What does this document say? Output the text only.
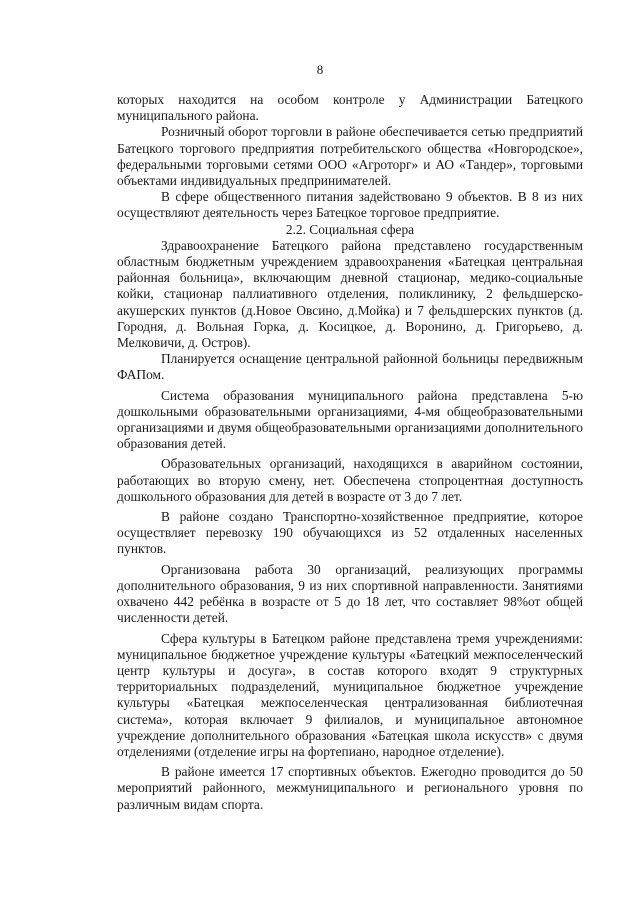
8

которых находится на особом контроле у Администрации Батецкого муниципального района.

Розничный оборот торговли в районе обеспечивается сетью предприятий Батецкого торгового предприятия потребительского общества «Новгородское», федеральными торговыми сетями ООО «Агроторг» и АО «Тандер», торговыми объектами индивидуальных предпринимателей.

В сфере общественного питания задействовано 9 объектов. В 8 из них осуществляют деятельность через Батецкое торговое предприятие.

2.2. Социальная сфера

Здравоохранение Батецкого района представлено государственным областным бюджетным учреждением здравоохранения «Батецкая центральная районная больница», включающим дневной стационар, медико-социальные койки, стационар паллиативного отделения, поликлинику, 2 фельдшерско-акушерских пунктов (д.Новое Овсино, д.Мойка) и 7 фельдшерских пунктов (д. Городня, д. Вольная Горка, д. Косицкое, д. Воронино, д. Григорьево, д. Мелковичи, д. Остров).

Планируется оснащение центральной районной больницы передвижным ФАПом.

Система образования муниципального района представлена 5-ю дошкольными образовательными организациями, 4-мя общеобразовательными организациями и двумя общеобразовательными организациями дополнительного образования детей.

Образовательных организаций, находящихся в аварийном состоянии, работающих во вторую смену, нет. Обеспечена стопроцентная доступность дошкольного образования для детей в возрасте от 3 до 7 лет.

В районе создано Транспортно-хозяйственное предприятие, которое осуществляет перевозку 190 обучающихся из 52 отдаленных населенных пунктов.

Организована работа 30 организаций, реализующих программы дополнительного образования, 9 из них спортивной направленности. Занятиями охвачено 442 ребёнка в возрасте от 5 до 18 лет, что составляет 98%от общей численности детей.

Сфера культуры в Батецком районе представлена тремя учреждениями: муниципальное бюджетное учреждение культуры «Батецкий межпоселенческий центр культуры и досуга», в состав которого входят 9 структурных территориальных подразделений, муниципальное бюджетное учреждение культуры «Батецкая межпоселенческая централизованная библиотечная система», которая включает 9 филиалов, и муниципальное автономное учреждение дополнительного образования «Батецкая школа искусств» с двумя отделениями (отделение игры на фортепиано, народное отделение).

В районе имеется 17 спортивных объектов. Ежегодно проводится до 50 мероприятий районного, межмуниципального и регионального уровня по различным видам спорта.
